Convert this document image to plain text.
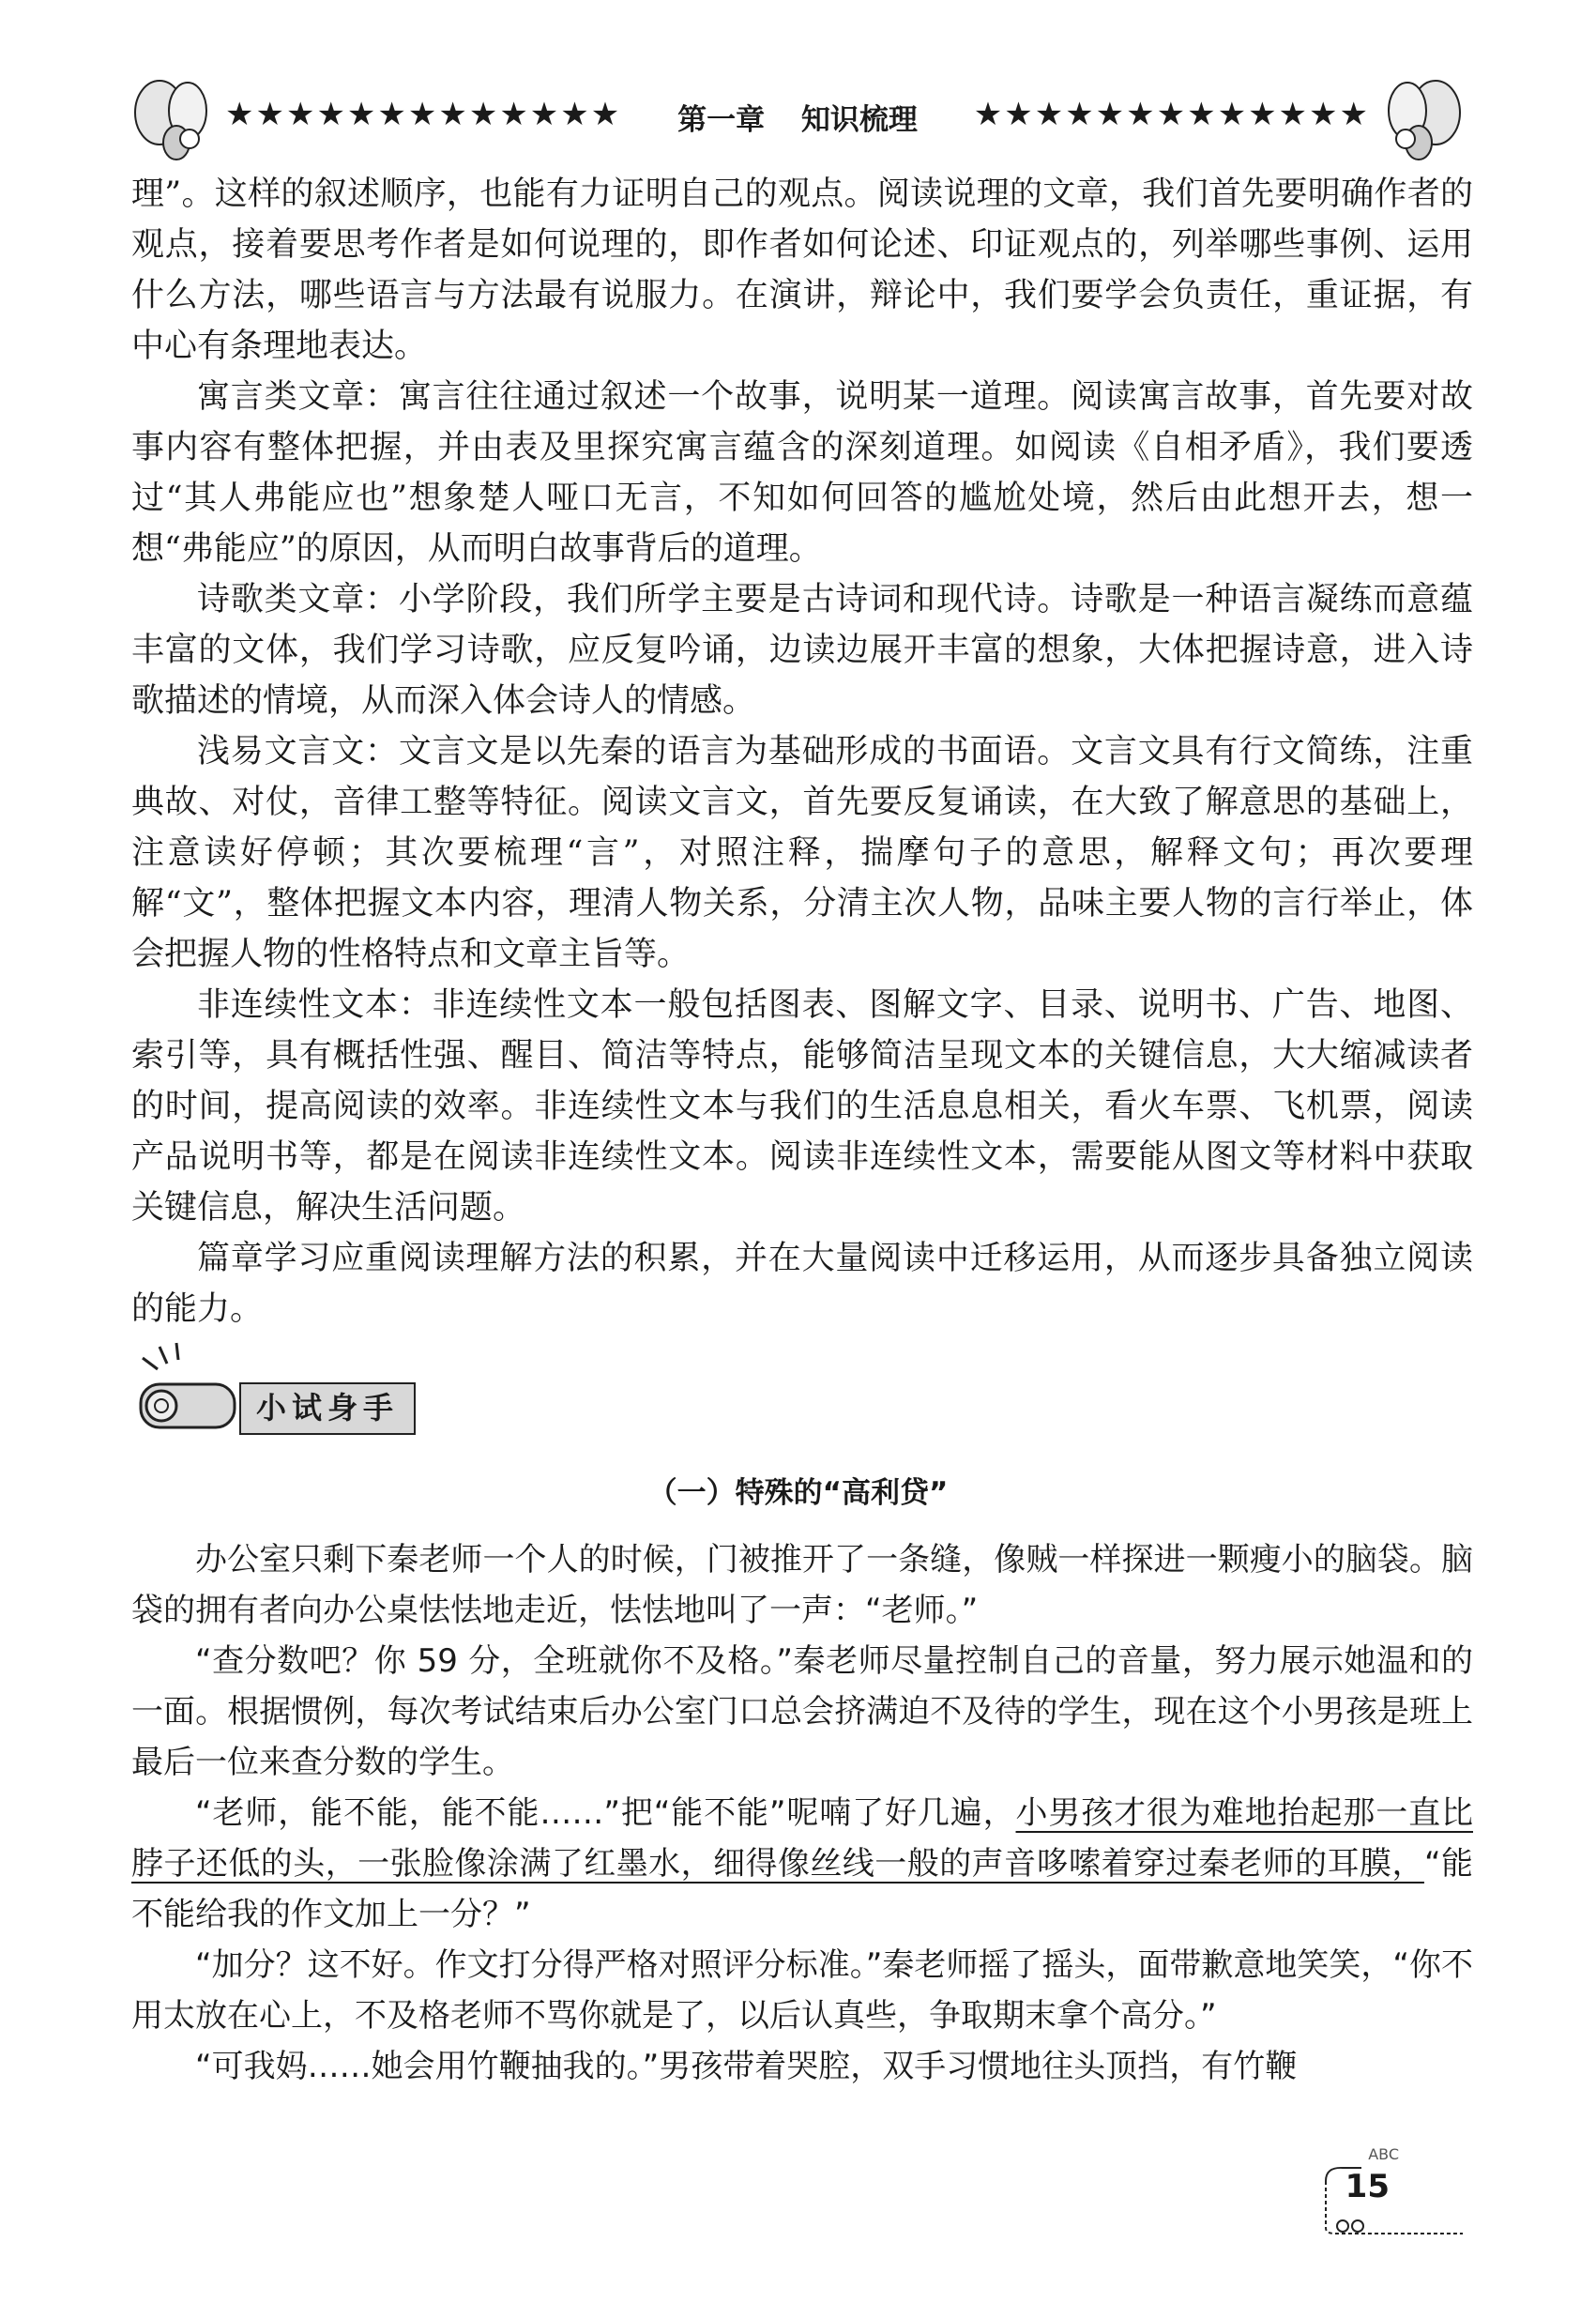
★★★★★★★★★★★★★	第一章 知识梳理	★★★★★★★★★★★★★

理”。这样的叙述顺序，也能有力证明自己的观点。阅读说理的文章，我们首先要明确作者的观点，接着要思考作者是如何说理的，即作者如何论述、印证观点的，列举哪些事例、运用什么方法，哪些语言与方法最有说服力。在演讲，辩论中，我们要学会负责任，重证据，有中心有条理地表达。

寓言类文章：寓言往往通过叙述一个故事，说明某一道理。阅读寓言故事，首先要对故事内容有整体把握，并由表及里探究寓言蕴含的深刻道理。如阅读《自相矛盾》，我们要透过“其人弗能应也”想象楚人哑口无言，不知如何回答的尴尬处境，然后由此想开去，想一想“弗能应”的原因，从而明白故事背后的道理。

诗歌类文章：小学阶段，我们所学主要是古诗词和现代诗。诗歌是一种语言凝练而意蕴丰富的文体，我们学习诗歌，应反复吟诵，边读边展开丰富的想象，大体把握诗意，进入诗歌描述的情境，从而深入体会诗人的情感。

浅易文言文：文言文是以先秦的语言为基础形成的书面语。文言文具有行文简练，注重典故、对仗，音律工整等特征。阅读文言文，首先要反复诵读，在大致了解意思的基础上，注意读好停顿；其次要梳理“言”，对照注释，揣摩句子的意思，解释文句；再次要理解“文”，整体把握文本内容，理清人物关系，分清主次人物，品味主要人物的言行举止，体会把握人物的性格特点和文章主旨等。

非连续性文本：非连续性文本一般包括图表、图解文字、目录、说明书、广告、地图、索引等，具有概括性强、醒目、简洁等特点，能够简洁呈现文本的关键信息，大大缩减读者的时间，提高阅读的效率。非连续性文本与我们的生活息息相关，看火车票、飞机票，阅读产品说明书等，都是在阅读非连续性文本。阅读非连续性文本，需要能从图文等材料中获取关键信息，解决生活问题。

篇章学习应重阅读理解方法的积累，并在大量阅读中迁移运用，从而逐步具备独立阅读的能力。

小试身手
（一）特殊的“高利贷”

办公室只剩下秦老师一个人的时候，门被推开了一条缝，像贼一样探进一颗瘦小的脑袋。脑袋的拥有者向办公桌怯怯地走近，怯怯地叫了一声：“老师。”

“查分数吧？你 59 分，全班就你不及格。”秦老师尽量控制自己的音量，努力展示她温和的 一面。根据惯例，每次考试结束后办公室门口总会挤满迫不及待的学生，现在这个小男孩是班上最后一位来查分数的学生。

“老师，能不能，能不能……”把“能不能”呢喃了好几遍，小男孩才很为难地抬起那一直比脖子还低的头，一张脸像涂满了红墨水，细得像丝线一般的声音哆嗦着穿过秦老师的耳膜，“能不能给我的作文加上一分？”

“加分？这不好。作文打分得严格对照评分标准。”秦老师摇了摇头，面带歉意地笑笑，“你不用太放在心上，不及格老师不骂你就是了，以后认真些，争取期末拿个高分。”

“可我妈……她会用竹鞭抽我的。”男孩带着哭腔，双手习惯地往头顶挡，有竹鞭

ABC
15
